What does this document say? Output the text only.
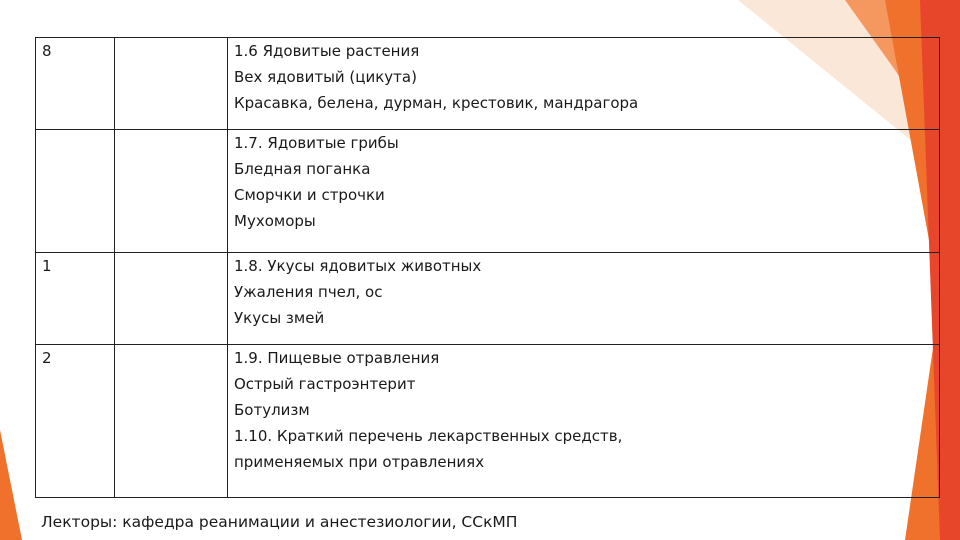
8		1.6 Ядовитые растения
Вех ядовитый (цикута)
Красавка, белена, дурман, крестовик, мандрагора

		1.7. Ядовитые грибы
Бледная поганка
Сморчки и строчки
Мухоморы

1		1.8. Укусы ядовитых животных
Ужаления пчел, ос
Укусы змей

2		1.9. Пищевые отравления
Острый гастроэнтерит
Ботулизм
1.10. Краткий перечень лекарственных средств,
применяемых при отравлениях
Лекторы: кафедра реанимации и анестезиологии, ССкМП
